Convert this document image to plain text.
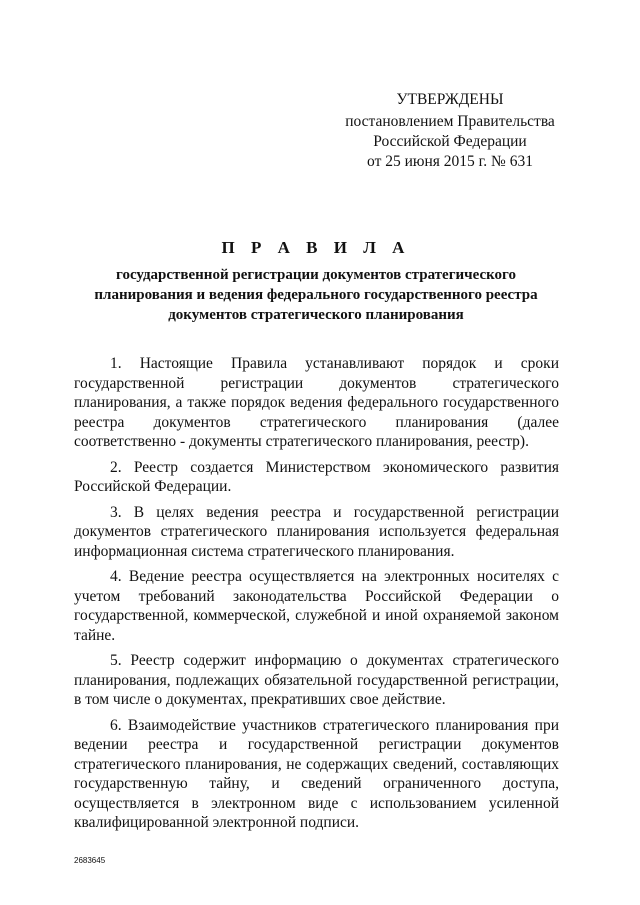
УТВЕРЖДЕНЫ
постановлением Правительства
Российской Федерации
от 25 июня 2015 г. № 631
П Р А В И Л А
государственной регистрации документов стратегического
планирования и ведения федерального государственного реестра
документов стратегического планирования

1. Настоящие Правила устанавливают порядок и сроки государственной регистрации документов стратегического планирования, а также порядок ведения федерального государственного реестра документов стратегического планирования (далее соответственно - документы стратегического планирования, реестр).

2. Реестр создается Министерством экономического развития Российской Федерации.

3. В целях ведения реестра и государственной регистрации документов стратегического планирования используется федеральная информационная система стратегического планирования.

4. Ведение реестра осуществляется на электронных носителях с учетом требований законодательства Российской Федерации о государственной, коммерческой, служебной и иной охраняемой законом тайне.

5. Реестр содержит информацию о документах стратегического планирования, подлежащих обязательной государственной регистрации, в том числе о документах, прекративших свое действие.

6. Взаимодействие участников стратегического планирования при ведении реестра и государственной регистрации документов стратегического планирования, не содержащих сведений, составляющих государственную тайну, и сведений ограниченного доступа, осуществляется в электронном виде с использованием усиленной квалифицированной электронной подписи.

2683645
